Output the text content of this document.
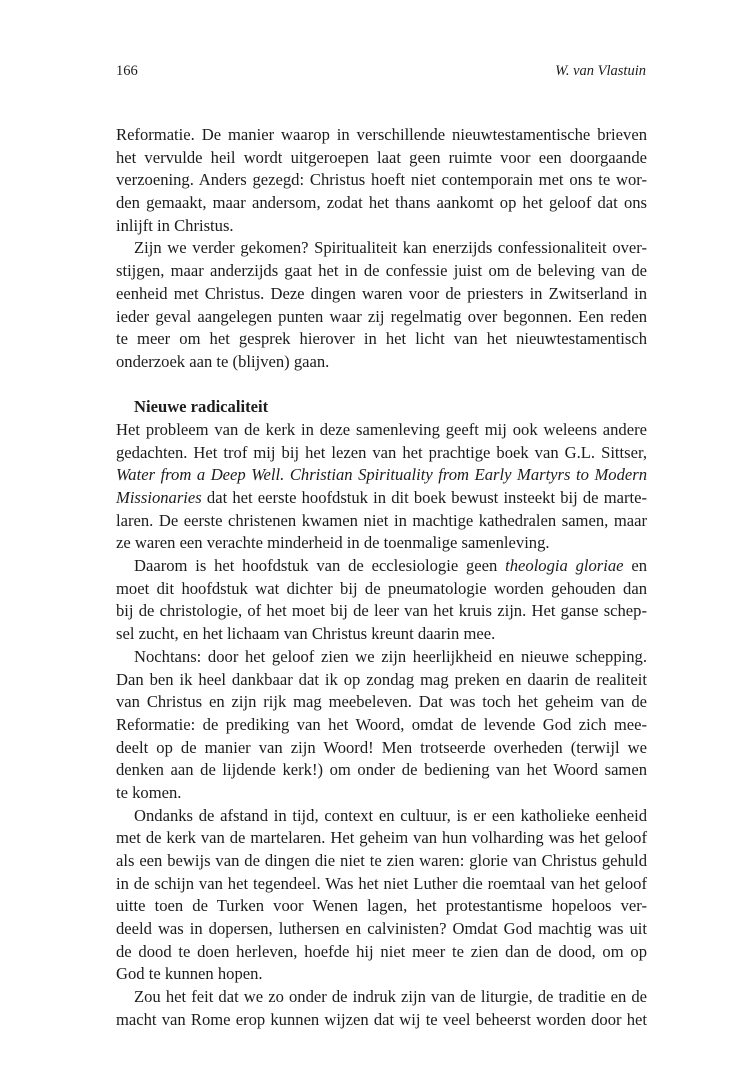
166	W. van Vlastuin
Reformatie. De manier waarop in verschillende nieuwtestamentische brieven
het vervulde heil wordt uitgeroepen laat geen ruimte voor een doorgaande
verzoening. Anders gezegd: Christus hoeft niet contemporain met ons te wor-
den gemaakt, maar andersom, zodat het thans aankomt op het geloof dat ons
inlijft in Christus.
Zijn we verder gekomen? Spiritualiteit kan enerzijds confessionaliteit over-
stijgen, maar anderzijds gaat het in de confessie juist om de beleving van de
eenheid met Christus. Deze dingen waren voor de priesters in Zwitserland in
ieder geval aangelegen punten waar zij regelmatig over begonnen. Een reden
te meer om het gesprek hierover in het licht van het nieuwtestamentisch
onderzoek aan te (blijven) gaan.
Nieuwe radicaliteit
Het probleem van de kerk in deze samenleving geeft mij ook weleens andere
gedachten. Het trof mij bij het lezen van het prachtige boek van G.L. Sittser,
Water from a Deep Well. Christian Spirituality from Early Martyrs to Modern
Missionaries dat het eerste hoofdstuk in dit boek bewust insteekt bij de marte-
laren. De eerste christenen kwamen niet in machtige kathedralen samen, maar
ze waren een verachte minderheid in de toenmalige samenleving.
Daarom is het hoofdstuk van de ecclesiologie geen theologia gloriae en
moet dit hoofdstuk wat dichter bij de pneumatologie worden gehouden dan
bij de christologie, of het moet bij de leer van het kruis zijn. Het ganse schep-
sel zucht, en het lichaam van Christus kreunt daarin mee.
Nochtans: door het geloof zien we zijn heerlijkheid en nieuwe schepping.
Dan ben ik heel dankbaar dat ik op zondag mag preken en daarin de realiteit
van Christus en zijn rijk mag meebeleven. Dat was toch het geheim van de
Reformatie: de prediking van het Woord, omdat de levende God zich mee-
deelt op de manier van zijn Woord! Men trotseerde overheden (terwijl we
denken aan de lijdende kerk!) om onder de bediening van het Woord samen
te komen.
Ondanks de afstand in tijd, context en cultuur, is er een katholieke eenheid
met de kerk van de martelaren. Het geheim van hun volharding was het geloof
als een bewijs van de dingen die niet te zien waren: glorie van Christus gehuld
in de schijn van het tegendeel. Was het niet Luther die roemtaal van het geloof
uitte toen de Turken voor Wenen lagen, het protestantisme hopeloos ver-
deeld was in dopersen, luthersen en calvinisten? Omdat God machtig was uit
de dood te doen herleven, hoefde hij niet meer te zien dan de dood, om op
God te kunnen hopen.
Zou het feit dat we zo onder de indruk zijn van de liturgie, de traditie en de
macht van Rome erop kunnen wijzen dat wij te veel beheerst worden door het
